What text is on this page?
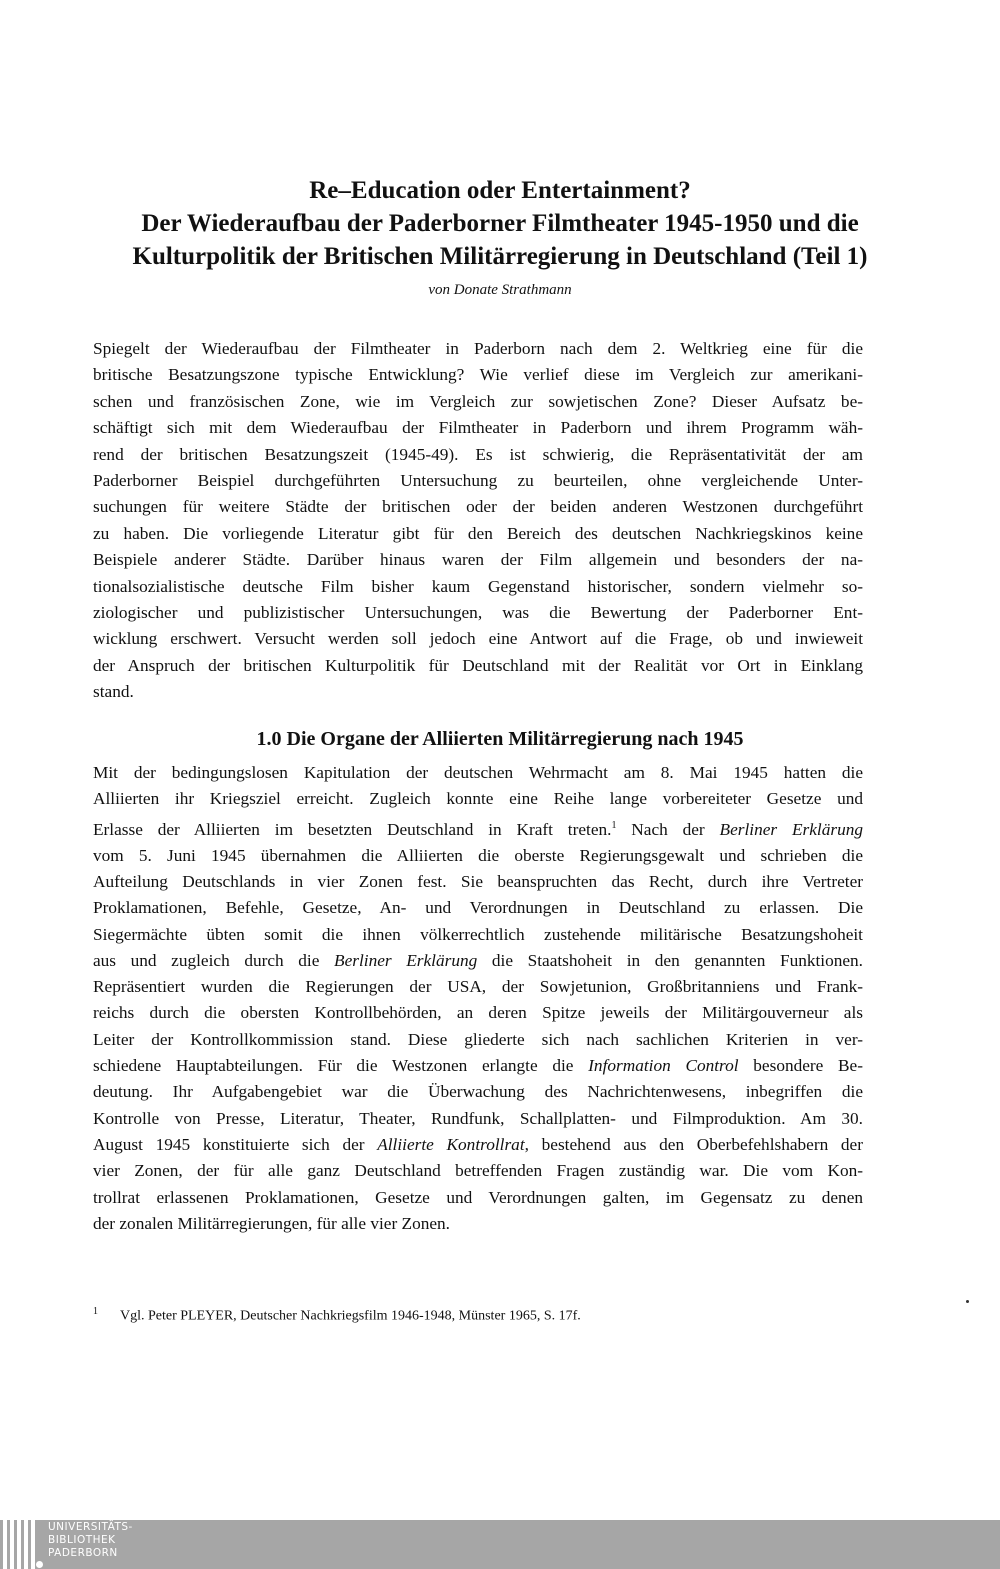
Re–Education oder Entertainment?
Der Wiederaufbau der Paderborner Filmtheater 1945-1950 und die
Kulturpolitik der Britischen Militärregierung in Deutschland (Teil 1)
von Donate Strathmann
Spiegelt der Wiederaufbau der Filmtheater in Paderborn nach dem 2. Weltkrieg eine für die
britische Besatzungszone typische Entwicklung? Wie verlief diese im Vergleich zur amerikani-
schen und französischen Zone, wie im Vergleich zur sowjetischen Zone? Dieser Aufsatz be-
schäftigt sich mit dem Wiederaufbau der Filmtheater in Paderborn und ihrem Programm wäh-
rend der britischen Besatzungszeit (1945-49). Es ist schwierig, die Repräsentativität der am
Paderborner Beispiel durchgeführten Untersuchung zu beurteilen, ohne vergleichende Unter-
suchungen für weitere Städte der britischen oder der beiden anderen Westzonen durchgeführt
zu haben. Die vorliegende Literatur gibt für den Bereich des deutschen Nachkriegskinos keine
Beispiele anderer Städte. Darüber hinaus waren der Film allgemein und besonders der na-
tionalsozialistische deutsche Film bisher kaum Gegenstand historischer, sondern vielmehr so-
ziologischer und publizistischer Untersuchungen, was die Bewertung der Paderborner Ent-
wicklung erschwert. Versucht werden soll jedoch eine Antwort auf die Frage, ob und inwieweit
der Anspruch der britischen Kulturpolitik für Deutschland mit der Realität vor Ort in Einklang
stand.
1.0 Die Organe der Alliierten Militärregierung nach 1945
Mit der bedingungslosen Kapitulation der deutschen Wehrmacht am 8. Mai 1945 hatten die
Alliierten ihr Kriegsziel erreicht. Zugleich konnte eine Reihe lange vorbereiteter Gesetze und
Erlasse der Alliierten im besetzten Deutschland in Kraft treten.$^1$ Nach der Berliner Erklärung
vom 5. Juni 1945 übernahmen die Alliierten die oberste Regierungsgewalt und schrieben die
Aufteilung Deutschlands in vier Zonen fest. Sie beanspruchten das Recht, durch ihre Vertreter
Proklamationen, Befehle, Gesetze, An- und Verordnungen in Deutschland zu erlassen. Die
Siegermächte übten somit die ihnen völkerrechtlich zustehende militärische Besatzungshoheit
aus und zugleich durch die Berliner Erklärung die Staatshoheit in den genannten Funktionen.
Repräsentiert wurden die Regierungen der USA, der Sowjetunion, Großbritanniens und Frank-
reichs durch die obersten Kontrollbehörden, an deren Spitze jeweils der Militärgouverneur als
Leiter der Kontrollkommission stand. Diese gliederte sich nach sachlichen Kriterien in ver-
schiedene Hauptabteilungen. Für die Westzonen erlangte die Information Control besondere Be-
deutung. Ihr Aufgabengebiet war die Überwachung des Nachrichtenwesens, inbegriffen die
Kontrolle von Presse, Literatur, Theater, Rundfunk, Schallplatten- und Filmproduktion. Am 30.
August 1945 konstituierte sich der Alliierte Kontrollrat, bestehend aus den Oberbefehlshabern der
vier Zonen, der für alle ganz Deutschland betreffenden Fragen zuständig war. Die vom Kon-
trollrat erlassenen Proklamationen, Gesetze und Verordnungen galten, im Gegensatz zu denen
der zonalen Militärregierungen, für alle vier Zonen.
$^1$ Vgl. Peter PLEYER, Deutscher Nachkriegsfilm 1946-1948, Münster 1965, S. 17f.
UNIVERSITÄTS-
BIBLIOTHEK
PADERBORN
